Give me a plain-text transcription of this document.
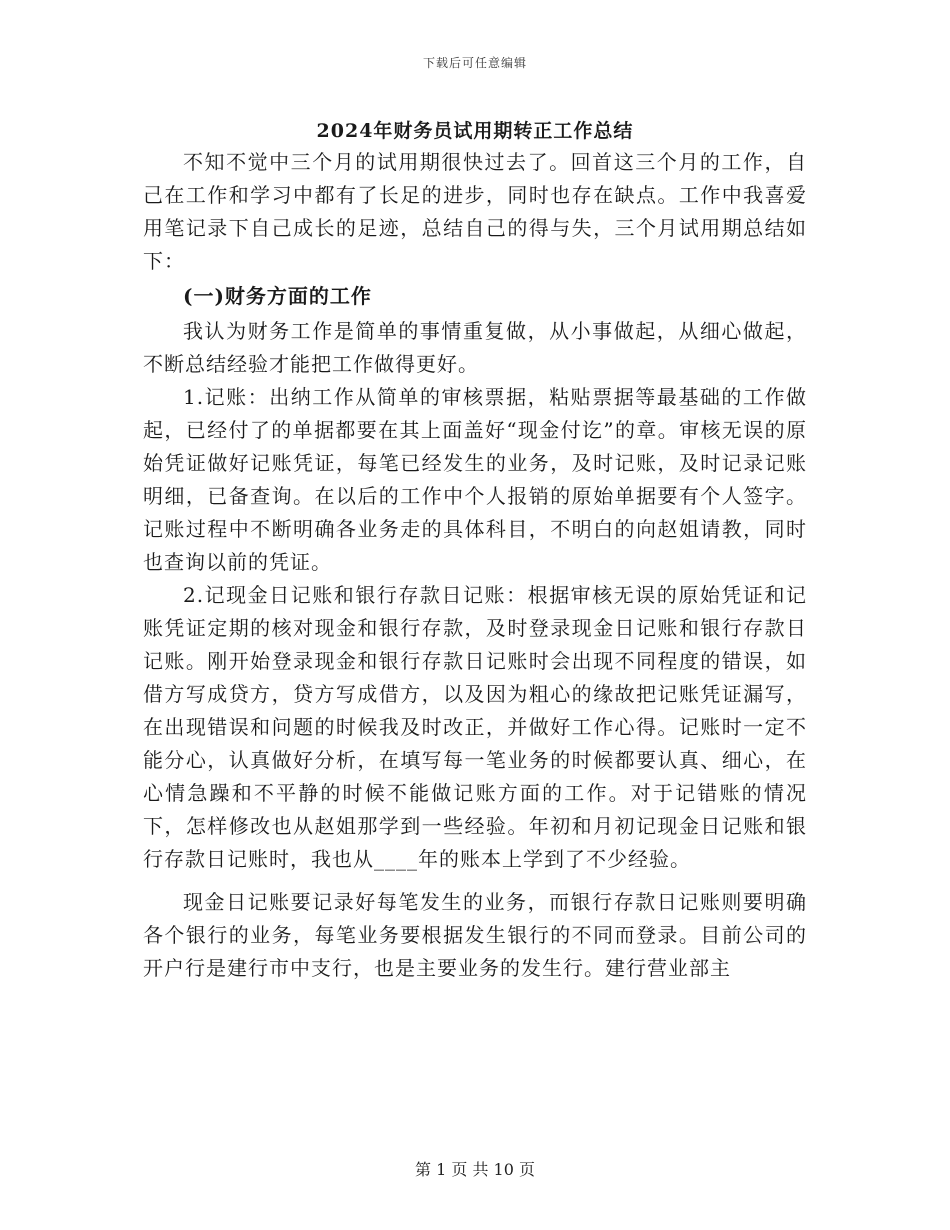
下载后可任意编辑
2024年财务员试用期转正工作总结

不知不觉中三个月的试用期很快过去了。回首这三个月的工作，自己在工作和学习中都有了长足的进步，同时也存在缺点。工作中我喜爱用笔记录下自己成长的足迹，总结自己的得与失，三个月试用期总结如下：

(一)财务方面的工作

我认为财务工作是简单的事情重复做，从小事做起，从细心做起，不断总结经验才能把工作做得更好。

1.记账：出纳工作从简单的审核票据，粘贴票据等最基础的工作做起，已经付了的单据都要在其上面盖好“现金付讫”的章。审核无误的原始凭证做好记账凭证，每笔已经发生的业务，及时记账，及时记录记账明细，已备查询。在以后的工作中个人报销的原始单据要有个人签字。记账过程中不断明确各业务走的具体科目，不明白的向赵姐请教，同时也查询以前的凭证。

2.记现金日记账和银行存款日记账：根据审核无误的原始凭证和记账凭证定期的核对现金和银行存款，及时登录现金日记账和银行存款日记账。刚开始登录现金和银行存款日记账时会出现不同程度的错误，如借方写成贷方，贷方写成借方，以及因为粗心的缘故把记账凭证漏写，在出现错误和问题的时候我及时改正，并做好工作心得。记账时一定不能分心，认真做好分析，在填写每一笔业务的时候都要认真、细心，在心情急躁和不平静的时候不能做记账方面的工作。对于记错账的情况下，怎样修改也从赵姐那学到一些经验。年初和月初记现金日记账和银行存款日记账时，我也从____年的账本上学到了不少经验。

现金日记账要记录好每笔发生的业务，而银行存款日记账则要明确各个银行的业务，每笔业务要根据发生银行的不同而登录。目前公司的开户行是建行市中支行，也是主要业务的发生行。建行营业部主

第 1 页 共 10 页
